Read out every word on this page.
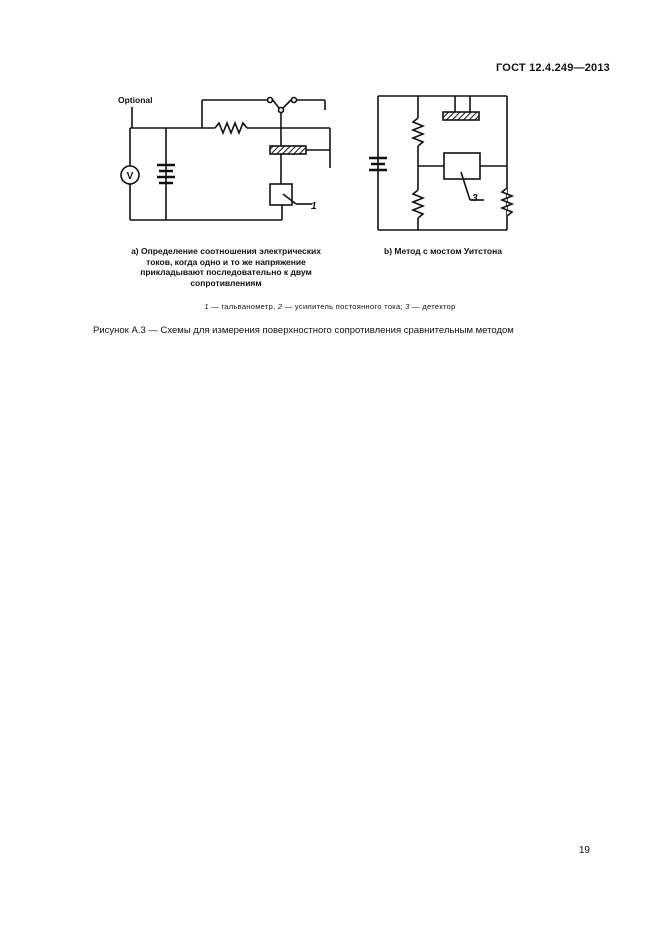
ГОСТ 12.4.249—2013
Optional
V
1
3
а) Определение соотношения электрических токов, когда одно и то же напряжение прикладывают последовательно к двум сопротивлениям
b) Метод с мостом Уитстона
1 — гальванометр, 2 — усилитель постоянного тока; 3 — детектор
Рисунок А.3 — Схемы для измерения поверхностного сопротивления сравнительным методом
19
